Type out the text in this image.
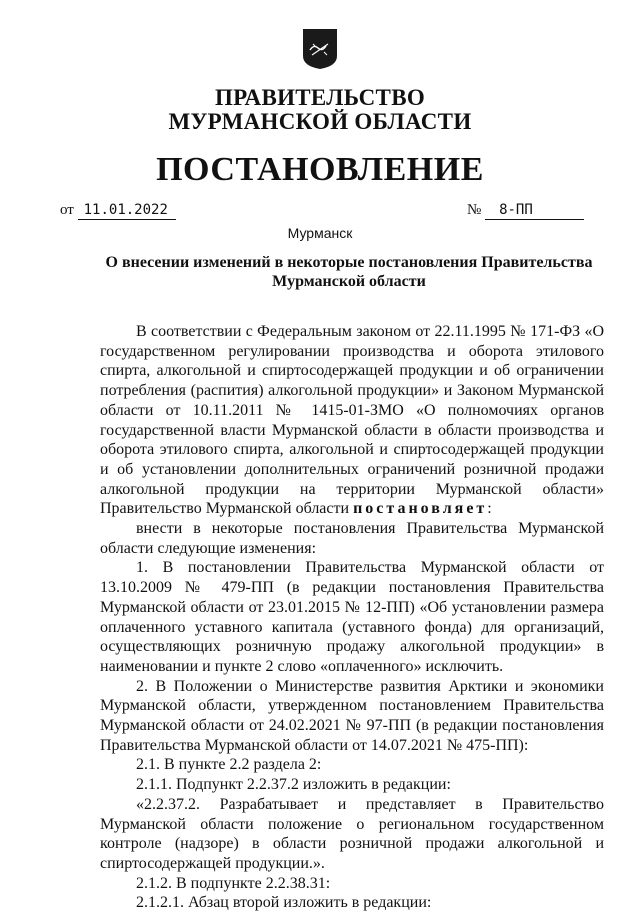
ПРАВИТЕЛЬСТВО
МУРМАНСКОЙ ОБЛАСТИ
ПОСТАНОВЛЕНИЕ
от 11.01.2022	№ 8-ПП
Мурманск

О внесении изменений в некоторые постановления Правительства Мурманской области

В соответствии с Федеральным законом от 22.11.1995 № 171-ФЗ «О государственном регулировании производства и оборота этилового спирта, алкогольной и спиртосодержащей продукции и об ограничении потребления (распития) алкогольной продукции» и Законом Мурманской области от 10.11.2011 № 1415-01-ЗМО «О полномочиях органов государственной власти Мурманской области в области производства и оборота этилового спирта, алкогольной и спиртосодержащей продукции и об установлении дополнительных ограничений розничной продажи алкогольной продукции на территории Мурманской области» Правительство Мурманской области постановляет:

внести в некоторые постановления Правительства Мурманской области следующие изменения:

1. В постановлении Правительства Мурманской области от 13.10.2009 № 479-ПП (в редакции постановления Правительства Мурманской области от 23.01.2015 № 12-ПП) «Об установлении размера оплаченного уставного капитала (уставного фонда) для организаций, осуществляющих розничную продажу алкогольной продукции» в наименовании и пункте 2 слово «оплаченного» исключить.

2. В Положении о Министерстве развития Арктики и экономики Мурманской области, утвержденном постановлением Правительства Мурманской области от 24.02.2021 № 97-ПП (в редакции постановления Правительства Мурманской области от 14.07.2021 № 475-ПП):

2.1. В пункте 2.2 раздела 2:

2.1.1. Подпункт 2.2.37.2 изложить в редакции:

«2.2.37.2. Разрабатывает и представляет в Правительство Мурманской области положение о региональном государственном контроле (надзоре) в области розничной продажи алкогольной и спиртосодержащей продукции.».

2.1.2. В подпункте 2.2.38.31:

2.1.2.1. Абзац второй изложить в редакции:
